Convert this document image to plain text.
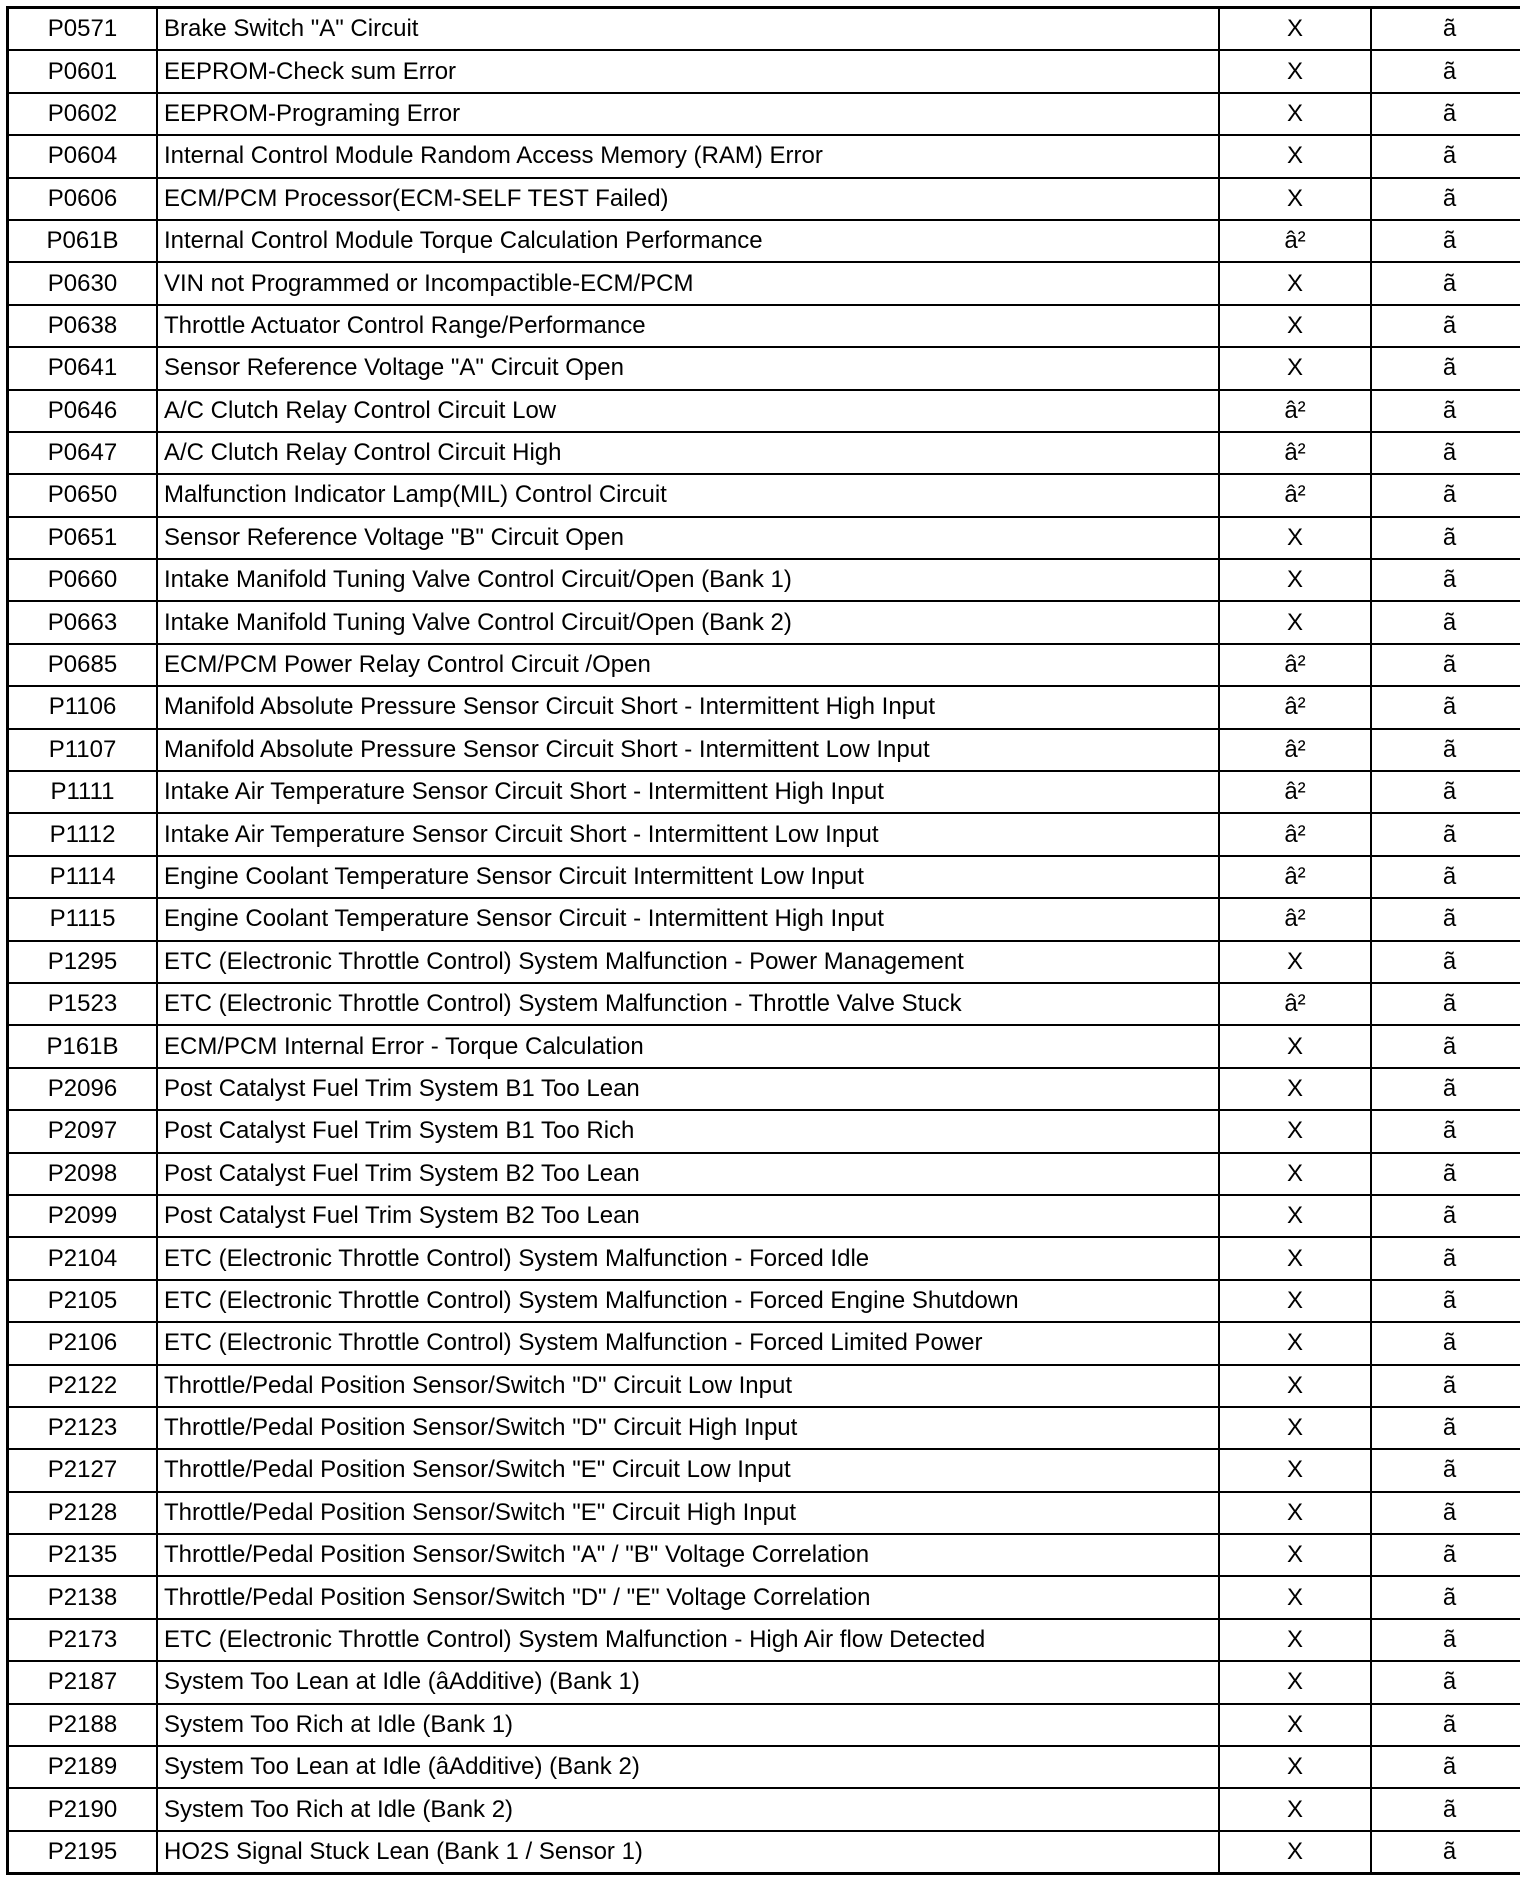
P0571	Brake Switch "A" Circuit	X	ã
P0601	EEPROM-Check sum Error	X	ã
P0602	EEPROM-Programing Error	X	ã
P0604	Internal Control Module Random Access Memory (RAM) Error	X	ã
P0606	ECM/PCM Processor(ECM-SELF TEST Failed)	X	ã
P061B	Internal Control Module Torque Calculation Performance	â²	ã
P0630	VIN not Programmed or Incompactible-ECM/PCM	X	ã
P0638	Throttle Actuator Control Range/Performance	X	ã
P0641	Sensor Reference Voltage "A" Circuit Open	X	ã
P0646	A/C Clutch Relay Control Circuit Low	â²	ã
P0647	A/C Clutch Relay Control Circuit High	â²	ã
P0650	Malfunction Indicator Lamp(MIL) Control Circuit	â²	ã
P0651	Sensor Reference Voltage "B" Circuit Open	X	ã
P0660	Intake Manifold Tuning Valve Control Circuit/Open (Bank 1)	X	ã
P0663	Intake Manifold Tuning Valve Control Circuit/Open (Bank 2)	X	ã
P0685	ECM/PCM Power Relay Control Circuit /Open	â²	ã
P1106	Manifold Absolute Pressure Sensor Circuit Short - Intermittent High Input	â²	ã
P1107	Manifold Absolute Pressure Sensor Circuit Short - Intermittent Low Input	â²	ã
P1111	Intake Air Temperature Sensor Circuit Short - Intermittent High Input	â²	ã
P1112	Intake Air Temperature Sensor Circuit Short - Intermittent Low Input	â²	ã
P1114	Engine Coolant Temperature Sensor Circuit Intermittent Low Input	â²	ã
P1115	Engine Coolant Temperature Sensor Circuit - Intermittent High Input	â²	ã
P1295	ETC (Electronic Throttle Control) System Malfunction - Power Management	X	ã
P1523	ETC (Electronic Throttle Control) System Malfunction - Throttle Valve Stuck	â²	ã
P161B	ECM/PCM Internal Error - Torque Calculation	X	ã
P2096	Post Catalyst Fuel Trim System B1 Too Lean	X	ã
P2097	Post Catalyst Fuel Trim System B1 Too Rich	X	ã
P2098	Post Catalyst Fuel Trim System B2 Too Lean	X	ã
P2099	Post Catalyst Fuel Trim System B2 Too Lean	X	ã
P2104	ETC (Electronic Throttle Control) System Malfunction - Forced Idle	X	ã
P2105	ETC (Electronic Throttle Control) System Malfunction - Forced Engine Shutdown	X	ã
P2106	ETC (Electronic Throttle Control) System Malfunction - Forced Limited Power	X	ã
P2122	Throttle/Pedal Position Sensor/Switch "D" Circuit Low Input	X	ã
P2123	Throttle/Pedal Position Sensor/Switch "D" Circuit High Input	X	ã
P2127	Throttle/Pedal Position Sensor/Switch "E" Circuit Low Input	X	ã
P2128	Throttle/Pedal Position Sensor/Switch "E" Circuit High Input	X	ã
P2135	Throttle/Pedal Position Sensor/Switch "A" / "B" Voltage Correlation	X	ã
P2138	Throttle/Pedal Position Sensor/Switch "D" / "E" Voltage Correlation	X	ã
P2173	ETC (Electronic Throttle Control) System Malfunction - High Air flow Detected	X	ã
P2187	System Too Lean at Idle (âAdditive) (Bank 1)	X	ã
P2188	System Too Rich at Idle (Bank 1)	X	ã
P2189	System Too Lean at Idle (âAdditive) (Bank 2)	X	ã
P2190	System Too Rich at Idle (Bank 2)	X	ã
P2195	HO2S Signal Stuck Lean (Bank 1 / Sensor 1)	X	ã
